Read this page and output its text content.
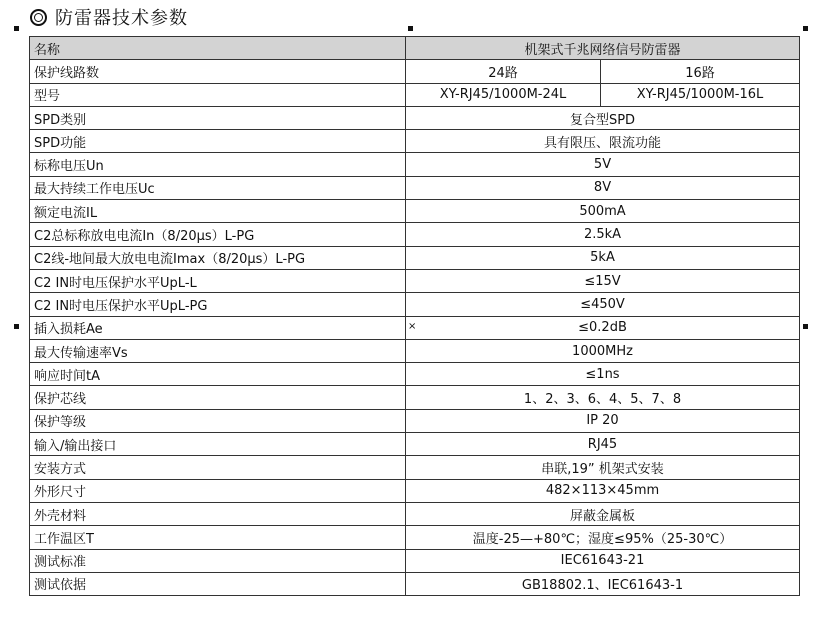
防雷器技术参数
×
名称	机架式千兆网络信号防雷器	
保护线路数	24路	16路
型号	XY-RJ45/1000M-24L	XY-RJ45/1000M-16L
SPD类别	复合型SPD	
SPD功能	具有限压、限流功能	
标称电压Un	5V	
最大持续工作电压Uc	8V	
额定电流IL	500mA	
C2总标称放电电流In（8/20μs）L-PG	2.5kA	
C2线-地间最大放电电流Imax（8/20μs）L-PG	5kA	
C2 IN时电压保护水平UpL-L	≤15V	
C2 IN时电压保护水平UpL-PG	≤450V	
插入损耗Ae	≤0.2dB	
最大传输速率Vs	1000MHz	
响应时间tA	≤1ns	
保护芯线	1、2、3、6、4、5、7、8	
保护等级	IP 20	
输入/输出接口	RJ45	
安装方式	串联,19” 机架式安装	
外形尺寸	482×113×45mm	
外壳材料	屏蔽金属板	
工作温区T	温度-25—+80℃；湿度≤95%（25-30℃）	
测试标准	IEC61643-21	
测试依据	GB18802.1、IEC61643-1	
